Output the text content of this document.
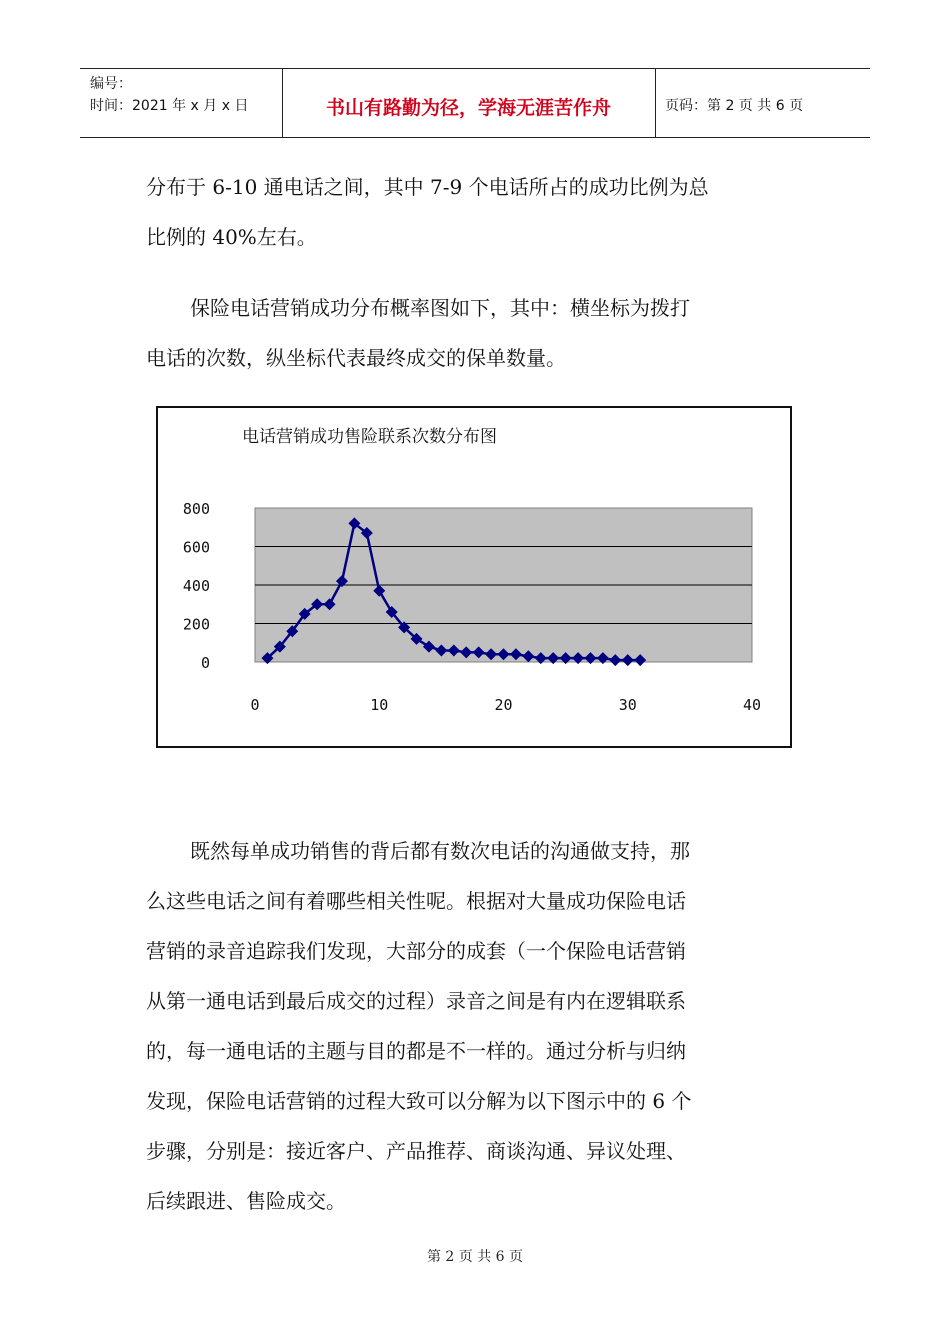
编号：
时间：2021 年 x 月 x 日	书山有路勤为径，学海无涯苦作舟	页码：第 2 页 共 6 页
分布于 6-10 通电话之间，其中 7-9 个电话所占的成功比例为总
比例的 40%左右。
保险电话营销成功分布概率图如下，其中：横坐标为拨打
电话的次数，纵坐标代表最终成交的保单数量。
电话营销成功售险联系次数分布图
0
200
400
600
800
0	10	20	30	40
既然每单成功销售的背后都有数次电话的沟通做支持，那
么这些电话之间有着哪些相关性呢。根据对大量成功保险电话
营销的录音追踪我们发现，大部分的成套（一个保险电话营销
从第一通电话到最后成交的过程）录音之间是有内在逻辑联系
的，每一通电话的主题与目的都是不一样的。通过分析与归纳
发现，保险电话营销的过程大致可以分解为以下图示中的 6 个
步骤，分别是：接近客户、产品推荐、商谈沟通、异议处理、
后续跟进、售险成交。
第 2 页 共 6 页
